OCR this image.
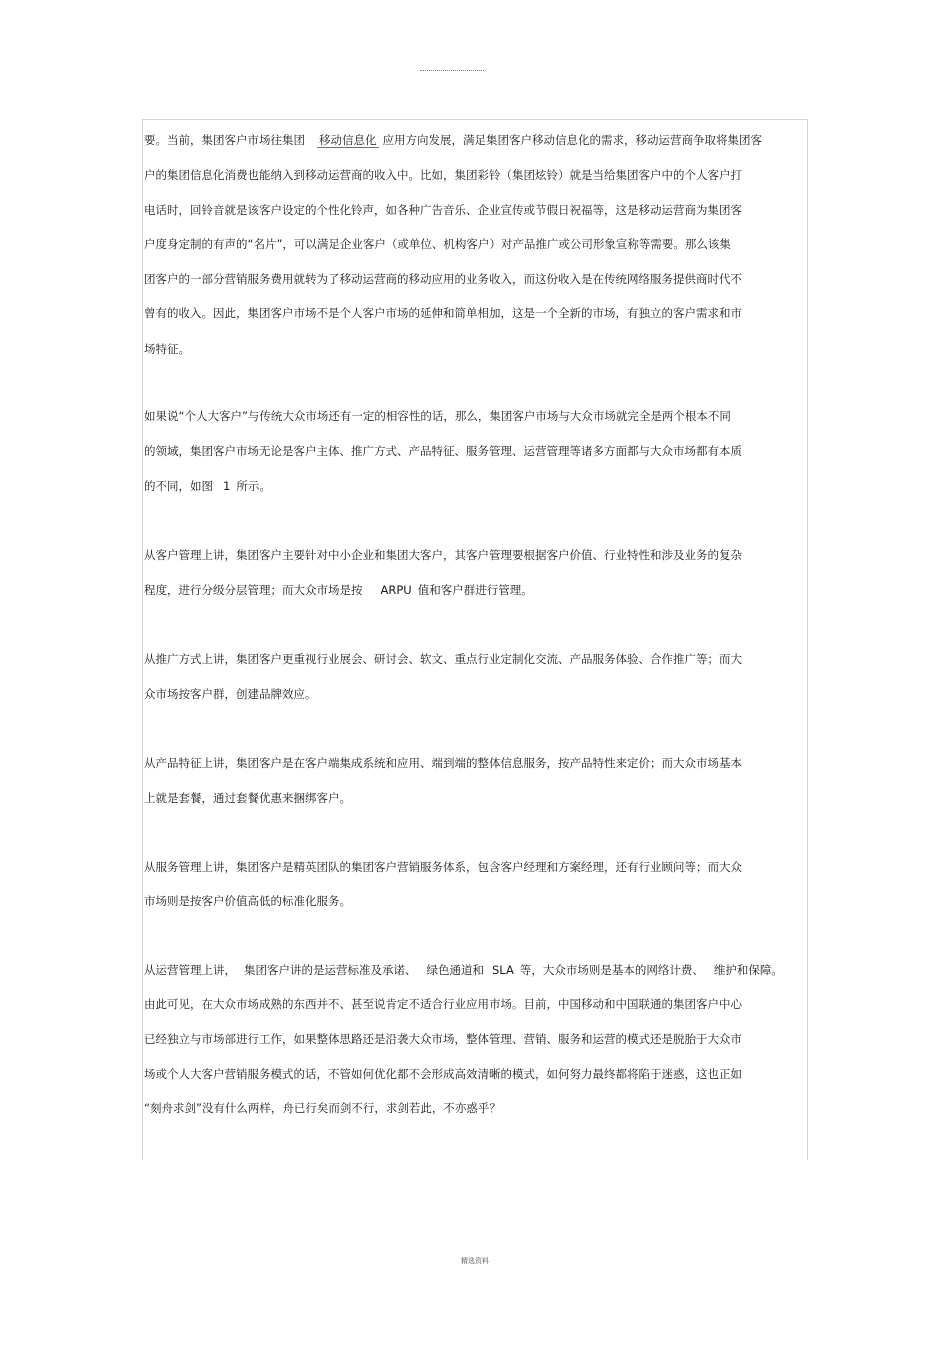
要。当前，集团客户市场往集团 移动信息化 应用方向发展，满足集团客户移动信息化的需求，移动运营商争取将集团客
户的集团信息化消费也能纳入到移动运营商的收入中。比如，集团彩铃（集团炫铃）就是当给集团客户中的个人客户打
电话时，回铃音就是该客户设定的个性化铃声，如各种广告音乐、企业宣传或节假日祝福等，这是移动运营商为集团客
户度身定制的有声的“名片”，可以满足企业客户（或单位、机构客户）对产品推广或公司形象宣称等需要。那么该集
团客户的一部分营销服务费用就转为了移动运营商的移动应用的业务收入，而这份收入是在传统网络服务提供商时代不
曾有的收入。因此，集团客户市场不是个人客户市场的延伸和简单相加，这是一个全新的市场，有独立的客户需求和市
场特征。
如果说“个人大客户”与传统大众市场还有一定的相容性的话，那么，集团客户市场与大众市场就完全是两个根本不同
的领域，集团客户市场无论是客户主体、推广方式、产品特征、服务管理、运营管理等诸多方面都与大众市场都有本质
的不同，如图 1 所示。
从客户管理上讲，集团客户主要针对中小企业和集团大客户，其客户管理要根据客户价值、行业特性和涉及业务的复杂
程度，进行分级分层管理；而大众市场是按 ARPU 值和客户群进行管理。
从推广方式上讲，集团客户更重视行业展会、研讨会、软文、重点行业定制化交流、产品服务体验、合作推广等；而大
众市场按客户群，创建品牌效应。
从产品特征上讲，集团客户是在客户端集成系统和应用、端到端的整体信息服务，按产品特性来定价；而大众市场基本
上就是套餐，通过套餐优惠来捆绑客户。
从服务管理上讲，集团客户是精英团队的集团客户营销服务体系，包含客户经理和方案经理，还有行业顾问等；而大众
市场则是按客户价值高低的标准化服务。
从运营管理上讲， 集团客户讲的是运营标准及承诺、 绿色通道和 SLA 等，大众市场则是基本的网络计费、 维护和保障。
由此可见，在大众市场成熟的东西并不、甚至说肯定不适合行业应用市场。目前，中国移动和中国联通的集团客户中心
已经独立与市场部进行工作，如果整体思路还是沿袭大众市场，整体管理、营销、服务和运营的模式还是脱胎于大众市
场或个人大客户营销服务模式的话，不管如何优化都不会形成高效清晰的模式，如何努力最终都将陷于迷惑，这也正如
“刻舟求剑”没有什么两样，舟已行矣而剑不行，求剑若此，不亦惑乎？
精选资料
